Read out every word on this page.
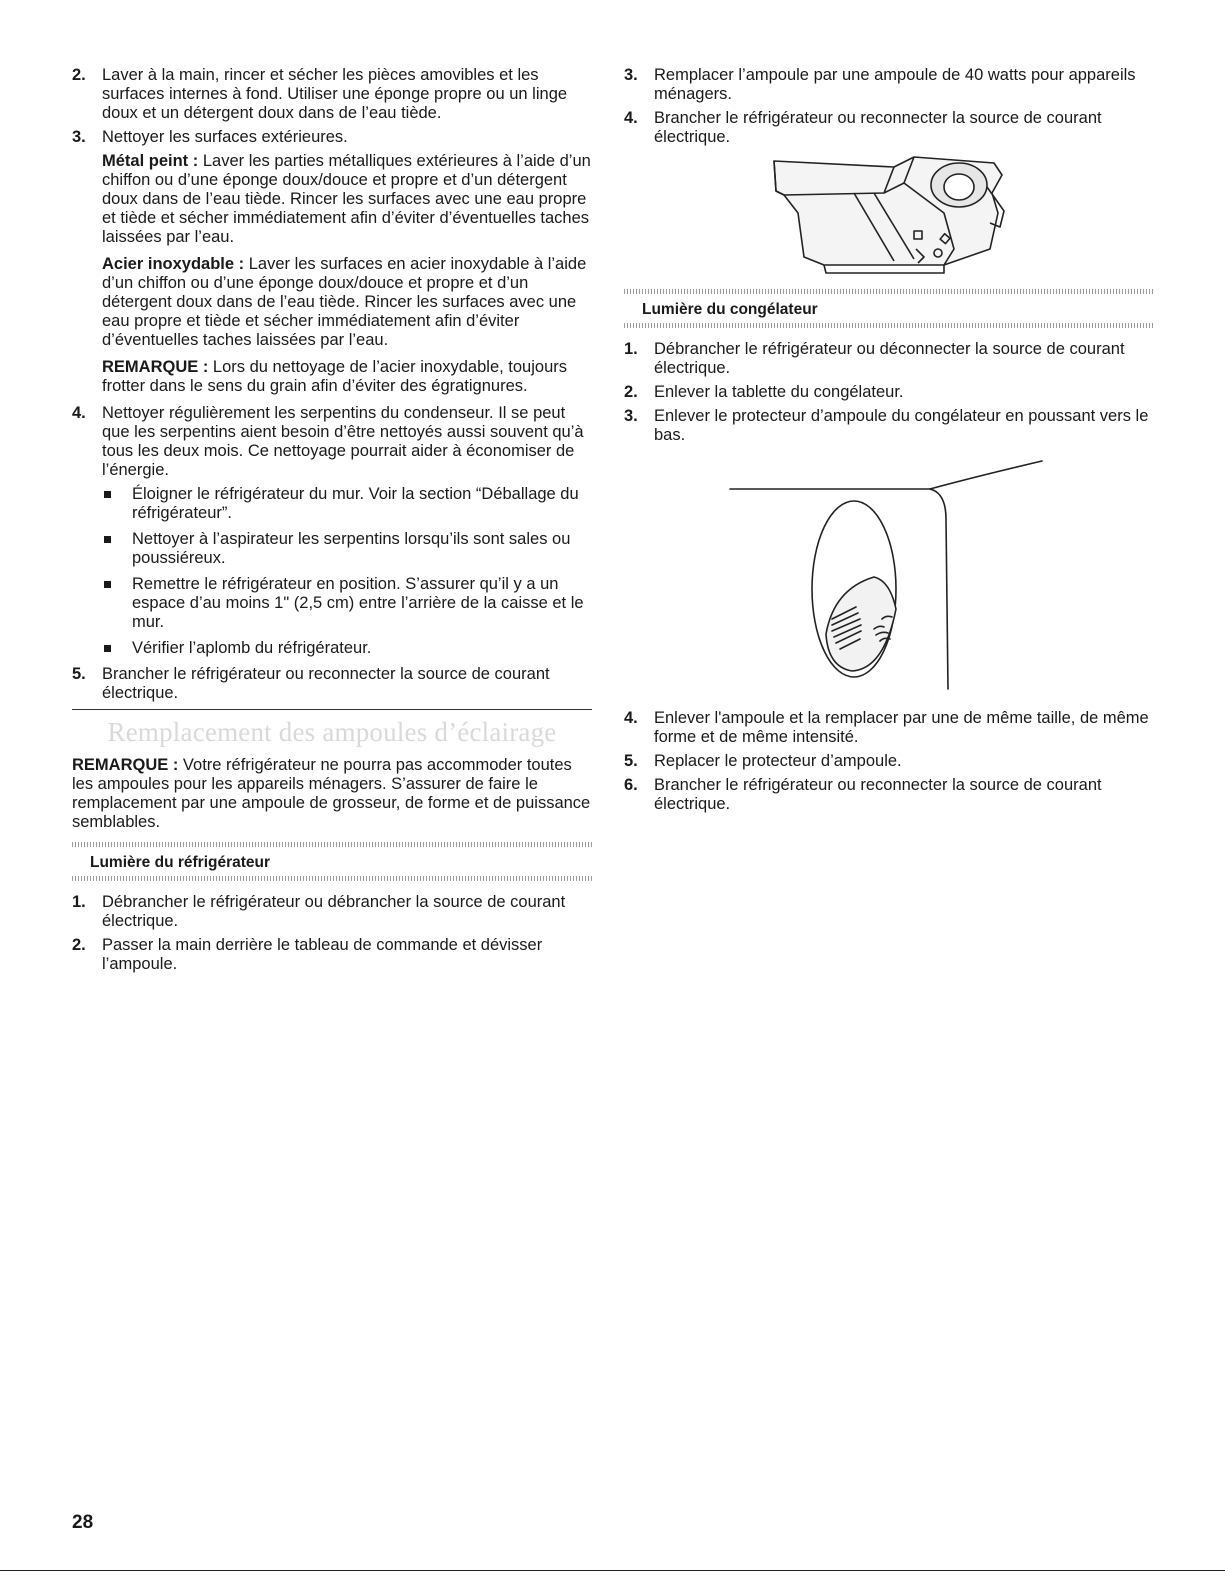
2. Laver à la main, rincer et sécher les pièces amovibles et les surfaces internes à fond. Utiliser une éponge propre ou un linge doux et un détergent doux dans de l’eau tiède.
3. Nettoyer les surfaces extérieures.

Métal peint : Laver les parties métalliques extérieures à l’aide d’un chiffon ou d’une éponge doux/douce et propre et d’un détergent doux dans de l’eau tiède. Rincer les surfaces avec une eau propre et tiède et sécher immédiatement afin d’éviter d’éventuelles taches laissées par l’eau.

Acier inoxydable : Laver les surfaces en acier inoxydable à l’aide d’un chiffon ou d’une éponge doux/douce et propre et d’un détergent doux dans de l’eau tiède. Rincer les surfaces avec une eau propre et tiède et sécher immédiatement afin d’éviter d’éventuelles taches laissées par l’eau.

REMARQUE : Lors du nettoyage de l’acier inoxydable, toujours frotter dans le sens du grain afin d’éviter des égratignures.

4. Nettoyer régulièrement les serpentins du condenseur. Il se peut que les serpentins aient besoin d’être nettoyés aussi souvent qu’à tous les deux mois. Ce nettoyage pourrait aider à économiser de l’énergie.
Éloigner le réfrigérateur du mur. Voir la section “Déballage du réfrigérateur”.
Nettoyer à l’aspirateur les serpentins lorsqu’ils sont sales ou poussiéreux.
Remettre le réfrigérateur en position. S’assurer qu’il y a un espace d’au moins 1" (2,5 cm) entre l’arrière de la caisse et le mur.
Vérifier l’aplomb du réfrigérateur.
5. Brancher le réfrigérateur ou reconnecter la source de courant électrique.
Remplacement des ampoules d’éclairage

REMARQUE : Votre réfrigérateur ne pourra pas accommoder toutes les ampoules pour les appareils ménagers. S’assurer de faire le remplacement par une ampoule de grosseur, de forme et de puissance semblables.

Lumière du réfrigérateur
1. Débrancher le réfrigérateur ou débrancher la source de courant électrique.
2. Passer la main derrière le tableau de commande et dévisser l’ampoule.
3. Remplacer l’ampoule par une ampoule de 40 watts pour appareils ménagers.
4. Brancher le réfrigérateur ou reconnecter la source de courant électrique.
Lumière du congélateur
1. Débrancher le réfrigérateur ou déconnecter la source de courant électrique.
2. Enlever la tablette du congélateur.
3. Enlever le protecteur d’ampoule du congélateur en poussant vers le bas.
4. Enlever l'ampoule et la remplacer par une de même taille, de même forme et de même intensité.
5. Replacer le protecteur d’ampoule.
6. Brancher le réfrigérateur ou reconnecter la source de courant électrique.
28
